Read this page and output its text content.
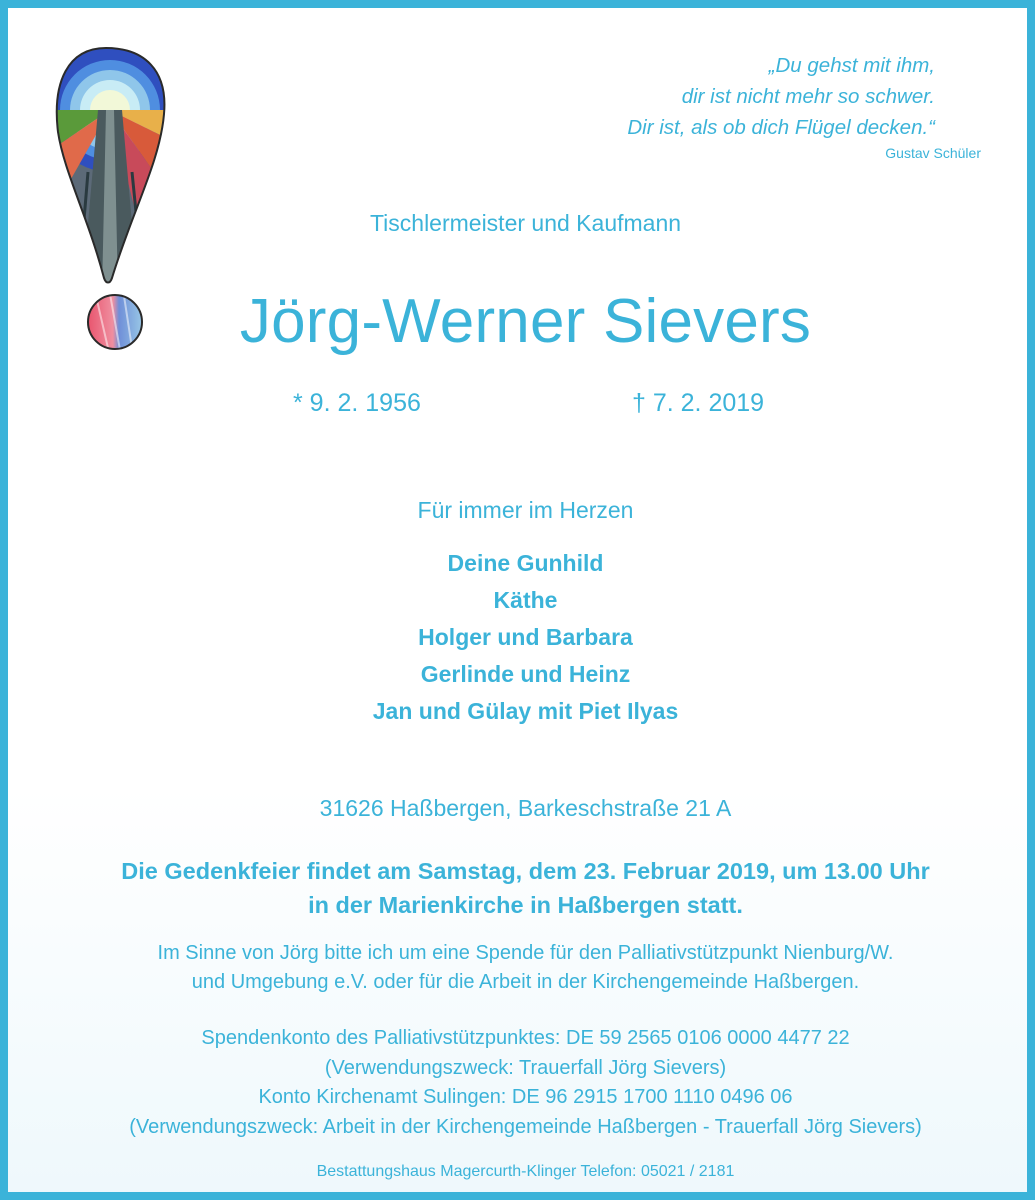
„Du gehst mit ihm,
dir ist nicht mehr so schwer.
Dir ist, als ob dich Flügel decken.“
Gustav Schüler
Tischlermeister und Kaufmann
Jörg-Werner Sievers
* 9. 2. 1956	† 7. 2. 2019
Für immer im Herzen
Deine Gunhild
Käthe
Holger und Barbara
Gerlinde und Heinz
Jan und Gülay mit Piet Ilyas
31626 Haßbergen, Barkeschstraße 21 A
Die Gedenkfeier findet am Samstag, dem 23. Februar 2019, um 13.00 Uhr
in der Marienkirche in Haßbergen statt.
Im Sinne von Jörg bitte ich um eine Spende für den Palliativstützpunkt Nienburg/W.
und Umgebung e.V. oder für die Arbeit in der Kirchengemeinde Haßbergen.
Spendenkonto des Palliativstützpunktes: DE 59 2565 0106 0000 4477 22
(Verwendungszweck: Trauerfall Jörg Sievers)
Konto Kirchenamt Sulingen: DE 96 2915 1700 1110 0496 06
(Verwendungszweck: Arbeit in der Kirchengemeinde Haßbergen - Trauerfall Jörg Sievers)
Bestattungshaus Magercurth-Klinger Telefon: 05021 / 2181
